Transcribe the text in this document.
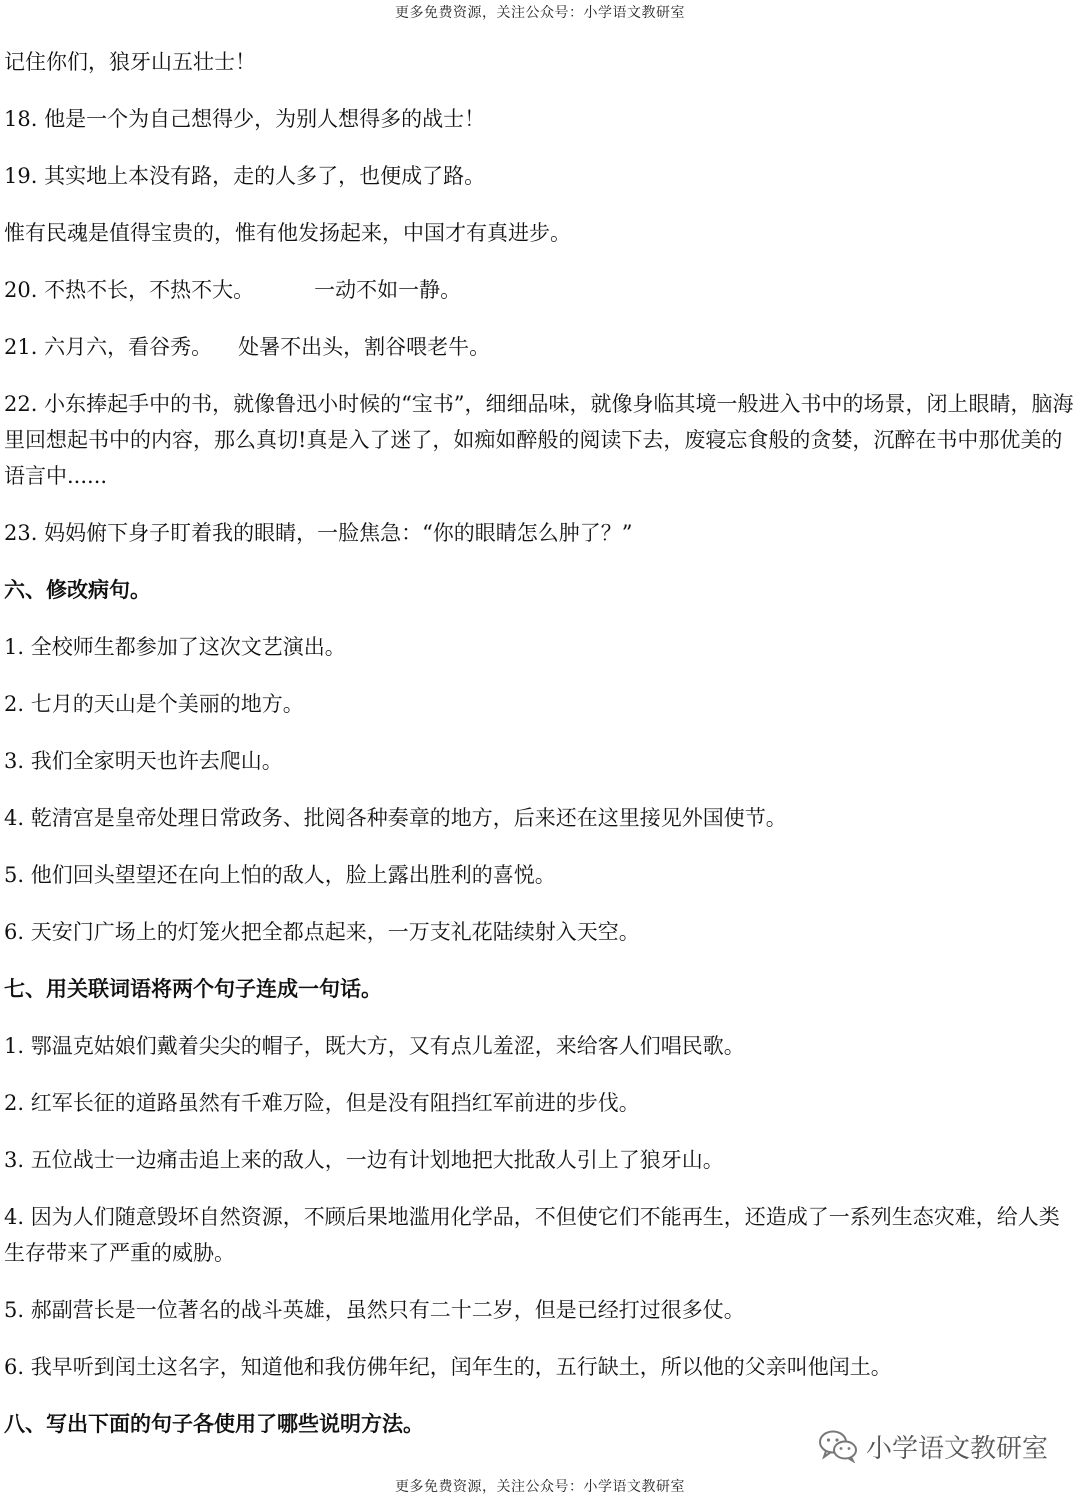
更多免费资源，关注公众号：小学语文教研室

记住你们，狼牙山五壮士！

18. 他是一个为自己想得少，为别人想得多的战士！

19. 其实地上本没有路，走的人多了，也便成了路。

惟有民魂是值得宝贵的，惟有他发扬起来，中国才有真进步。

20. 不热不长，不热不大。	一动不如一静。

21. 六月六，看谷秀。 处暑不出头，割谷喂老牛。

22. 小东捧起手中的书，就像鲁迅小时候的“宝书”，细细品味，就像身临其境一般进入书中的场景，闭上眼睛，脑海里回想起书中的内容，那么真切!真是入了迷了，如痴如醉般的阅读下去，废寝忘食般的贪婪，沉醉在书中那优美的语言中......

23. 妈妈俯下身子盯着我的眼睛，一脸焦急：“你的眼睛怎么肿了？”

六、修改病句。

1. 全校师生都参加了这次文艺演出。

2. 七月的天山是个美丽的地方。

3. 我们全家明天也许去爬山。

4. 乾清宫是皇帝处理日常政务、批阅各种奏章的地方，后来还在这里接见外国使节。

5. 他们回头望望还在向上怕的敌人，脸上露出胜利的喜悦。

6. 天安门广场上的灯笼火把全都点起来，一万支礼花陆续射入天空。

七、用关联词语将两个句子连成一句话。

1. 鄂温克姑娘们戴着尖尖的帽子，既大方，又有点儿羞涩，来给客人们唱民歌。

2. 红军长征的道路虽然有千难万险，但是没有阻挡红军前进的步伐。

3. 五位战士一边痛击追上来的敌人，一边有计划地把大批敌人引上了狼牙山。

4. 因为人们随意毁坏自然资源，不顾后果地滥用化学品，不但使它们不能再生，还造成了一系列生态灾难，给人类生存带来了严重的威胁。

5. 郝副营长是一位著名的战斗英雄，虽然只有二十二岁，但是已经打过很多仗。

6. 我早听到闰土这名字，知道他和我仿佛年纪，闰年生的，五行缺土，所以他的父亲叫他闰土。

八、写出下面的句子各使用了哪些说明方法。

小学语文教研室
更多免费资源，关注公众号：小学语文教研室
